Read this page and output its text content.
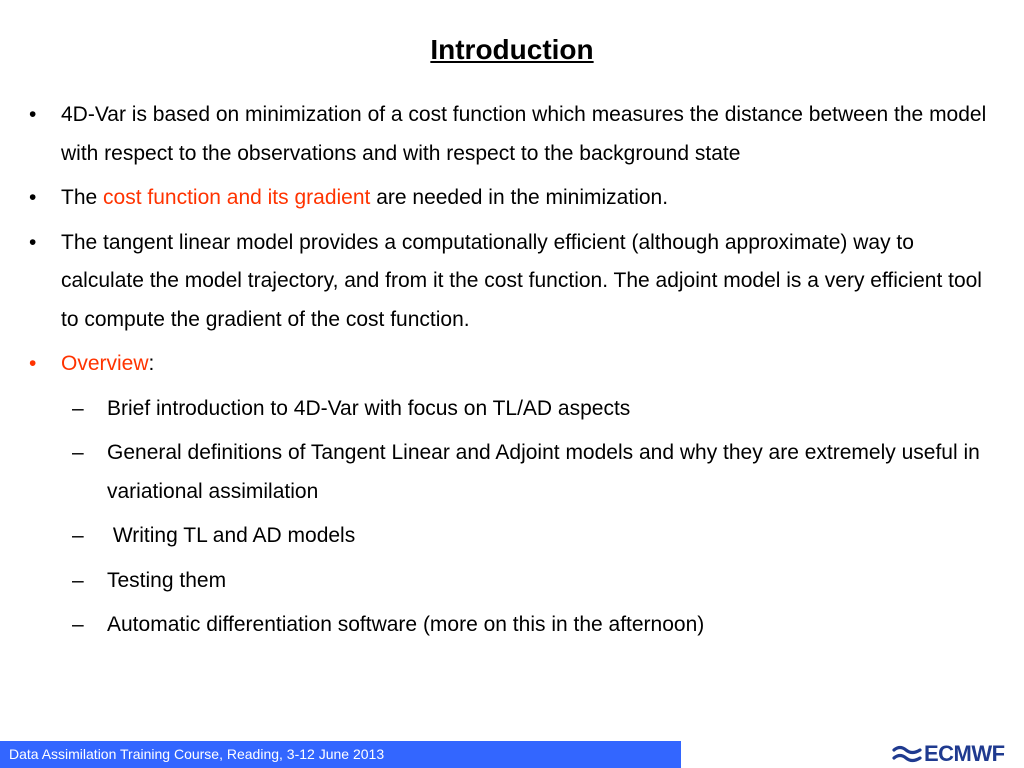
Introduction
• 4D-Var is based on minimization of a cost function which measures the distance between the model with respect to the observations and with respect to the background state
• The cost function and its gradient are needed in the minimization.
• The tangent linear model provides a computationally efficient (although approximate) way to calculate the model trajectory, and from it the cost function. The adjoint model is a very efficient tool to compute the gradient of the cost function.
• Overview:
– Brief introduction to 4D-Var with focus on TL/AD aspects
– General definitions of Tangent Linear and Adjoint models and why they are extremely useful in variational assimilation
– Writing TL and AD models
– Testing them
– Automatic differentiation software (more on this in the afternoon)
Data Assimilation Training Course, Reading, 3-12 June 2013	ECMWF
